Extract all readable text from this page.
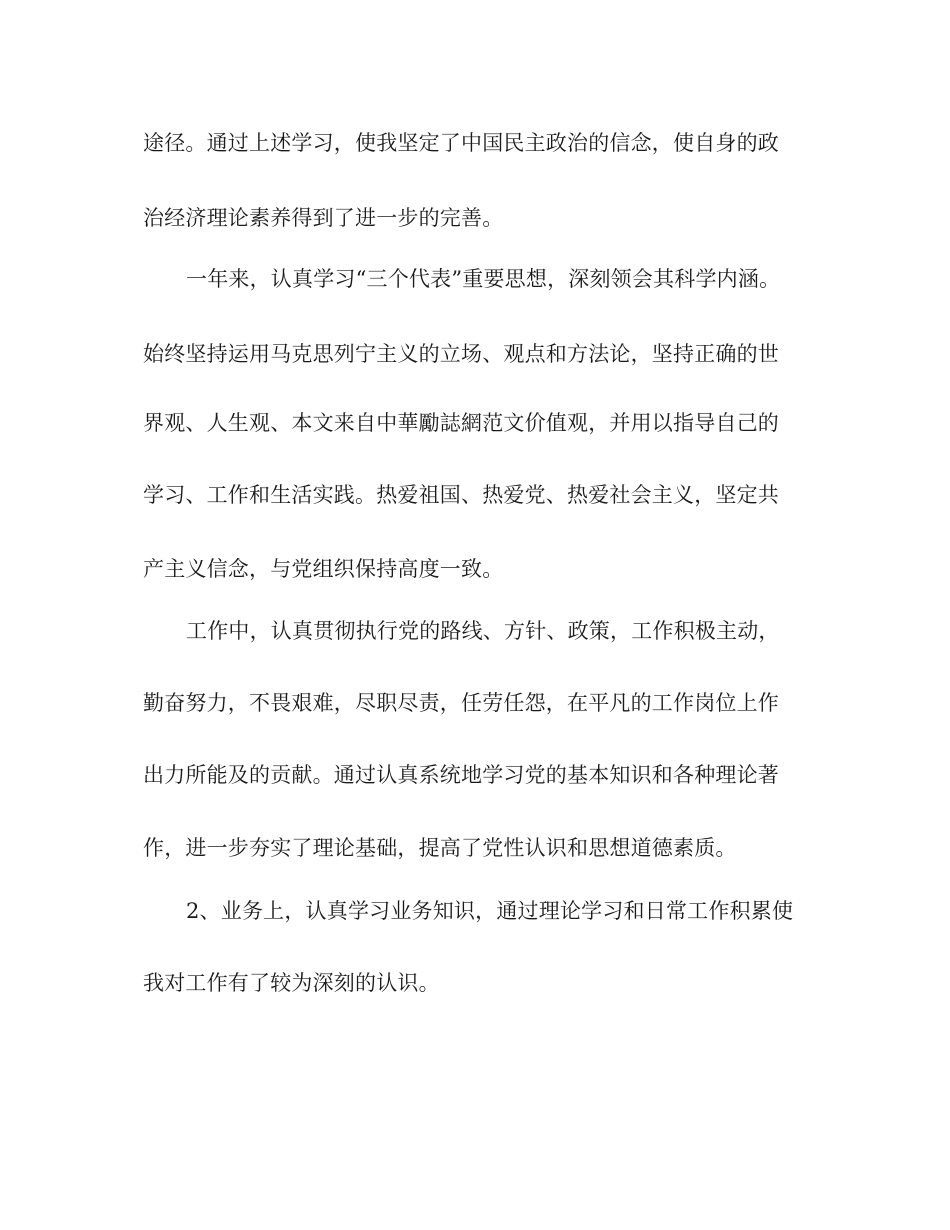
途径。通过上述学习，使我坚定了中国民主政治的信念，使自身的政

治经济理论素养得到了进一步的完善。

一年来，认真学习“三个代表”重要思想，深刻领会其科学内涵。

始终坚持运用马克思列宁主义的立场、观点和方法论，坚持正确的世

界观、人生观、本文来自中華勵誌網范文价值观，并用以指导自己的

学习、工作和生活实践。热爱祖国、热爱党、热爱社会主义，坚定共

产主义信念，与党组织保持高度一致。

工作中，认真贯彻执行党的路线、方针、政策，工作积极主动，

勤奋努力，不畏艰难，尽职尽责，任劳任怨，在平凡的工作岗位上作

出力所能及的贡献。通过认真系统地学习党的基本知识和各种理论著

作，进一步夯实了理论基础，提高了党性认识和思想道德素质。

2、业务上，认真学习业务知识，通过理论学习和日常工作积累使

我对工作有了较为深刻的认识。
